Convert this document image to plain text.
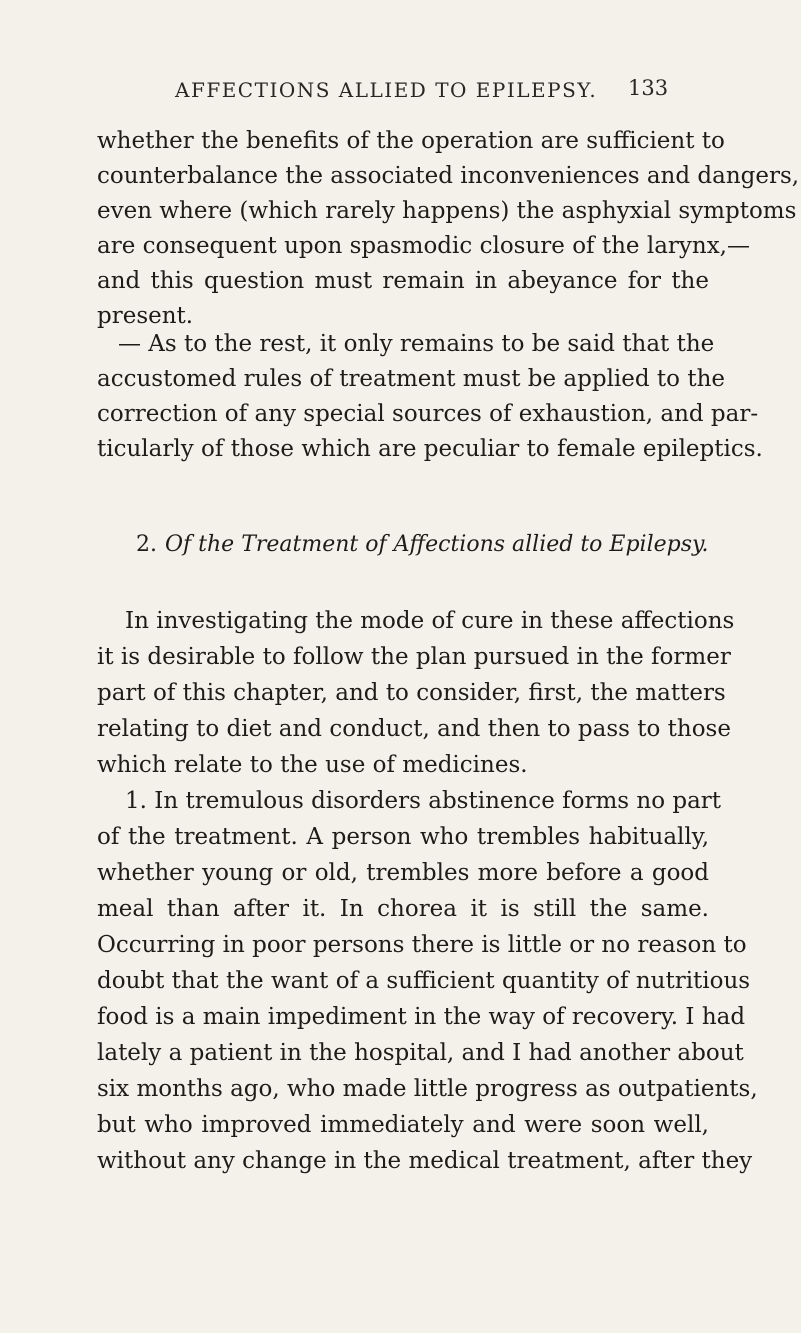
AFFECTIONS ALLIED TO EPILEPSY. 133
whether the benefits of the operation are sufficient to
counterbalance the associated inconveniences and dangers,
even where (which rarely happens) the asphyxial symptoms
are consequent upon spasmodic closure of the larynx,—
and this question must remain in abeyance for the
present.
— As to the rest, it only remains to be said that the
accustomed rules of treatment must be applied to the
correction of any special sources of exhaustion, and par-
ticularly of those which are peculiar to female epileptics.
2. Of the Treatment of Affections allied to Epilepsy.
In investigating the mode of cure in these affections
it is desirable to follow the plan pursued in the former
part of this chapter, and to consider, first, the matters
relating to diet and conduct, and then to pass to those
which relate to the use of medicines.
1. In tremulous disorders abstinence forms no part
of the treatment. A person who trembles habitually,
whether young or old, trembles more before a good
meal than after it. In chorea it is still the same.
Occurring in poor persons there is little or no reason to
doubt that the want of a sufficient quantity of nutritious
food is a main impediment in the way of recovery. I had
lately a patient in the hospital, and I had another about
six months ago, who made little progress as outpatients,
but who improved immediately and were soon well,
without any change in the medical treatment, after they
